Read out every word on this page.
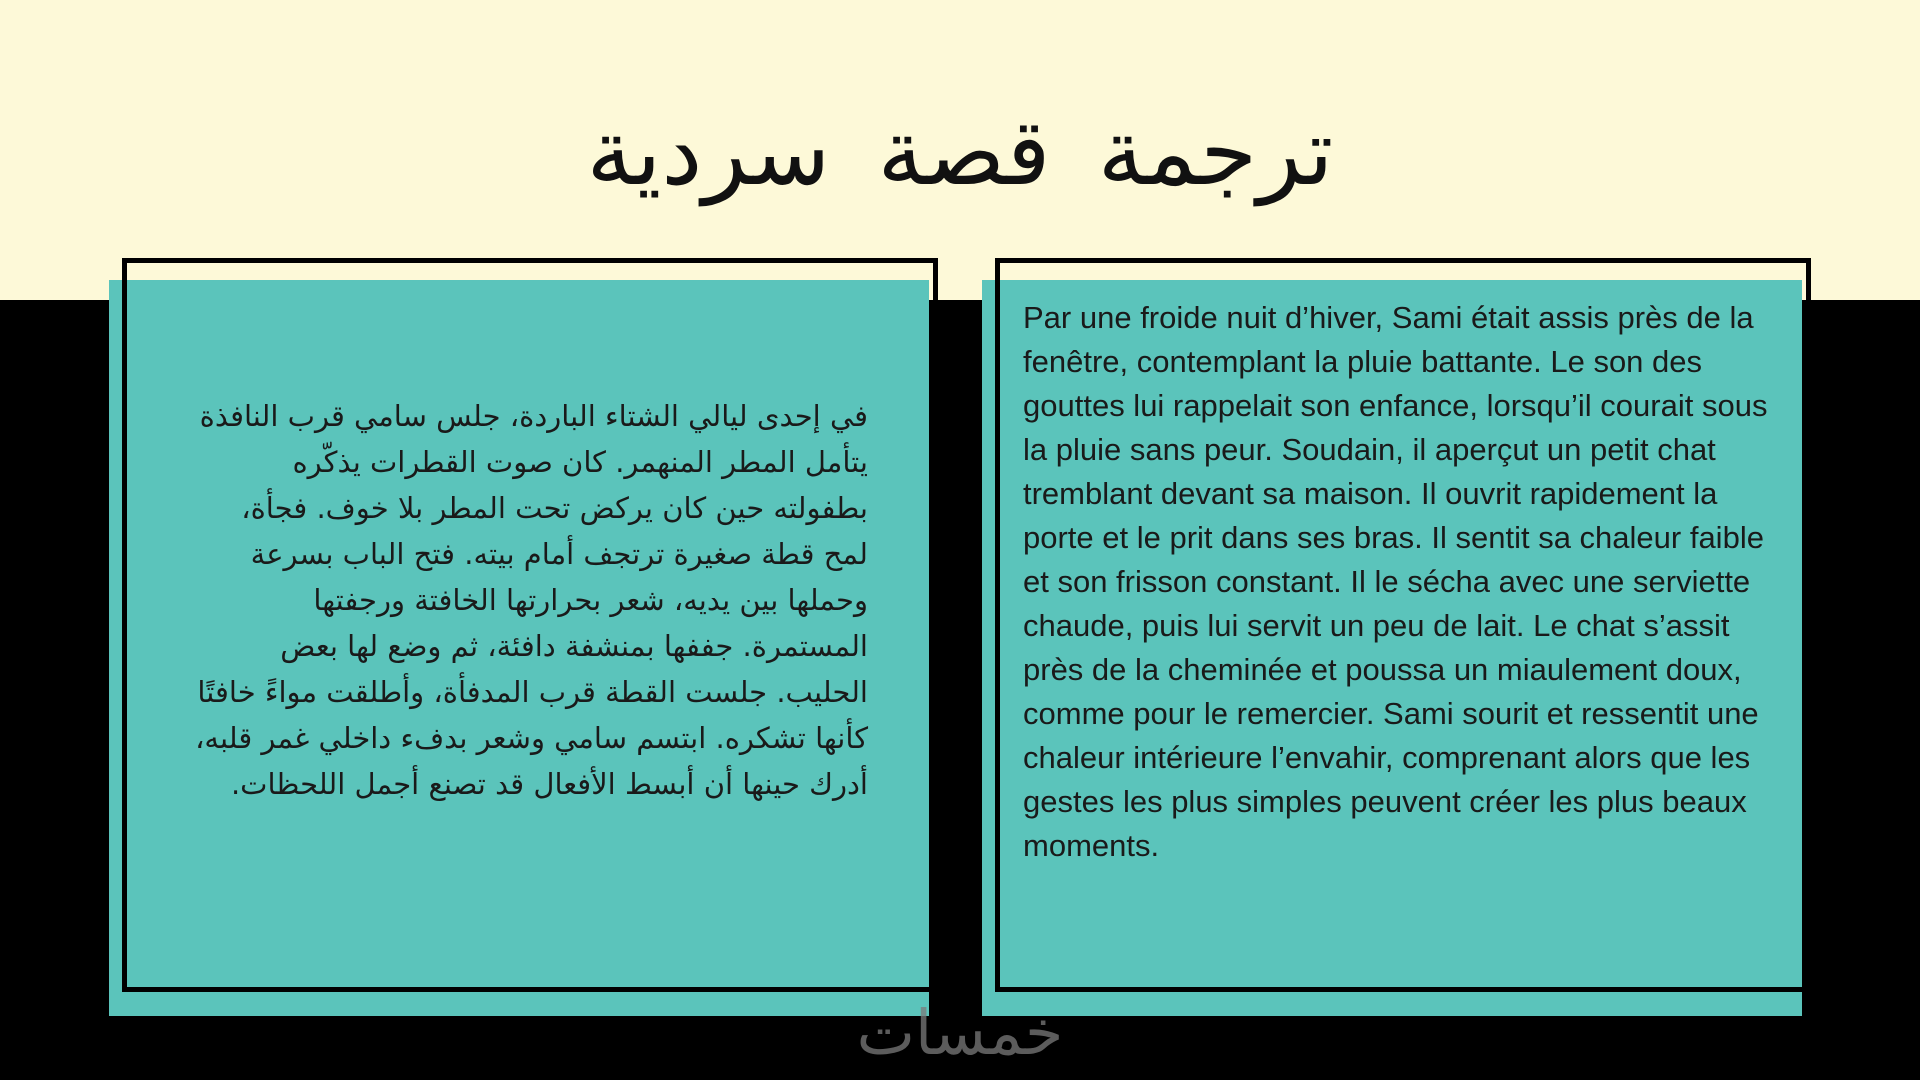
ترجمة قصة سردية

في إحدى ليالي الشتاء الباردة، جلس سامي قرب النافذة يتأمل المطر المنهمر. كان صوت القطرات يذكّره بطفولته حين كان يركض تحت المطر بلا خوف. فجأة، لمح قطة صغيرة ترتجف أمام بيته. فتح الباب بسرعة وحملها بين يديه، شعر بحرارتها الخافتة ورجفتها المستمرة. جففها بمنشفة دافئة، ثم وضع لها بعض الحليب. جلست القطة قرب المدفأة، وأطلقت مواءً خافتًا كأنها تشكره. ابتسم سامي وشعر بدفء داخلي غمر قلبه، أدرك حينها أن أبسط الأفعال قد تصنع أجمل اللحظات.

Par une froide nuit d’hiver, Sami était assis près de la fenêtre, contemplant la pluie battante. Le son des gouttes lui rappelait son enfance, lorsqu’il courait sous la pluie sans peur. Soudain, il aperçut un petit chat tremblant devant sa maison. Il ouvrit rapidement la porte et le prit dans ses bras. Il sentit sa chaleur faible et son frisson constant. Il le sécha avec une serviette chaude, puis lui servit un peu de lait. Le chat s’assit près de la cheminée et poussa un miaulement doux, comme pour le remercier. Sami sourit et ressentit une chaleur intérieure l’envahir, comprenant alors que les gestes les plus simples peuvent créer les plus beaux moments.

خمسات
